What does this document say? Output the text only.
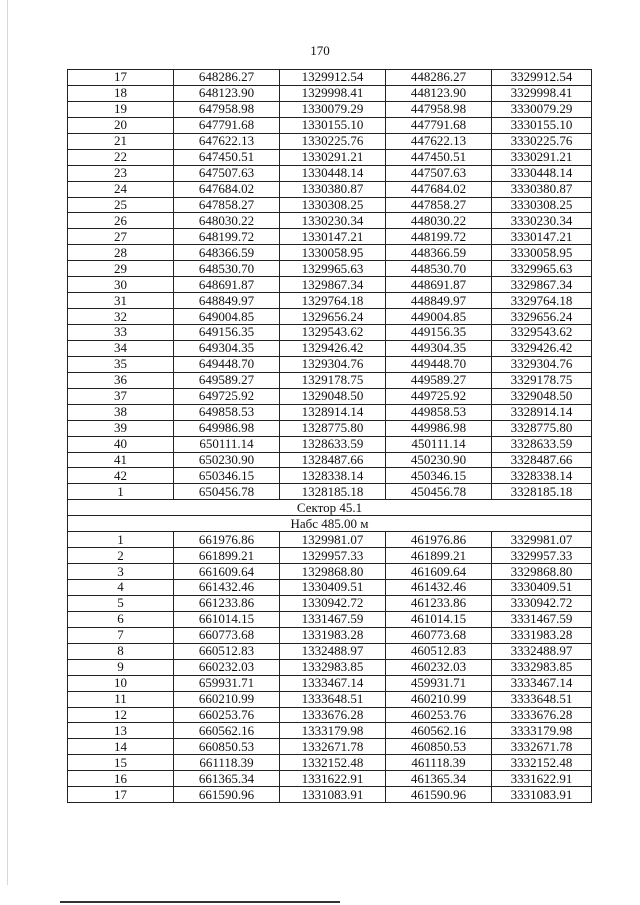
170
17	648286.27	1329912.54	448286.27	3329912.54
18	648123.90	1329998.41	448123.90	3329998.41
19	647958.98	1330079.29	447958.98	3330079.29
20	647791.68	1330155.10	447791.68	3330155.10
21	647622.13	1330225.76	447622.13	3330225.76
22	647450.51	1330291.21	447450.51	3330291.21
23	647507.63	1330448.14	447507.63	3330448.14
24	647684.02	1330380.87	447684.02	3330380.87
25	647858.27	1330308.25	447858.27	3330308.25
26	648030.22	1330230.34	448030.22	3330230.34
27	648199.72	1330147.21	448199.72	3330147.21
28	648366.59	1330058.95	448366.59	3330058.95
29	648530.70	1329965.63	448530.70	3329965.63
30	648691.87	1329867.34	448691.87	3329867.34
31	648849.97	1329764.18	448849.97	3329764.18
32	649004.85	1329656.24	449004.85	3329656.24
33	649156.35	1329543.62	449156.35	3329543.62
34	649304.35	1329426.42	449304.35	3329426.42
35	649448.70	1329304.76	449448.70	3329304.76
36	649589.27	1329178.75	449589.27	3329178.75
37	649725.92	1329048.50	449725.92	3329048.50
38	649858.53	1328914.14	449858.53	3328914.14
39	649986.98	1328775.80	449986.98	3328775.80
40	650111.14	1328633.59	450111.14	3328633.59
41	650230.90	1328487.66	450230.90	3328487.66
42	650346.15	1328338.14	450346.15	3328338.14
1	650456.78	1328185.18	450456.78	3328185.18
Сектор 45.1				
Набс 485.00 м				
1	661976.86	1329981.07	461976.86	3329981.07
2	661899.21	1329957.33	461899.21	3329957.33
3	661609.64	1329868.80	461609.64	3329868.80
4	661432.46	1330409.51	461432.46	3330409.51
5	661233.86	1330942.72	461233.86	3330942.72
6	661014.15	1331467.59	461014.15	3331467.59
7	660773.68	1331983.28	460773.68	3331983.28
8	660512.83	1332488.97	460512.83	3332488.97
9	660232.03	1332983.85	460232.03	3332983.85
10	659931.71	1333467.14	459931.71	3333467.14
11	660210.99	1333648.51	460210.99	3333648.51
12	660253.76	1333676.28	460253.76	3333676.28
13	660562.16	1333179.98	460562.16	3333179.98
14	660850.53	1332671.78	460850.53	3332671.78
15	661118.39	1332152.48	461118.39	3332152.48
16	661365.34	1331622.91	461365.34	3331622.91
17	661590.96	1331083.91	461590.96	3331083.91
